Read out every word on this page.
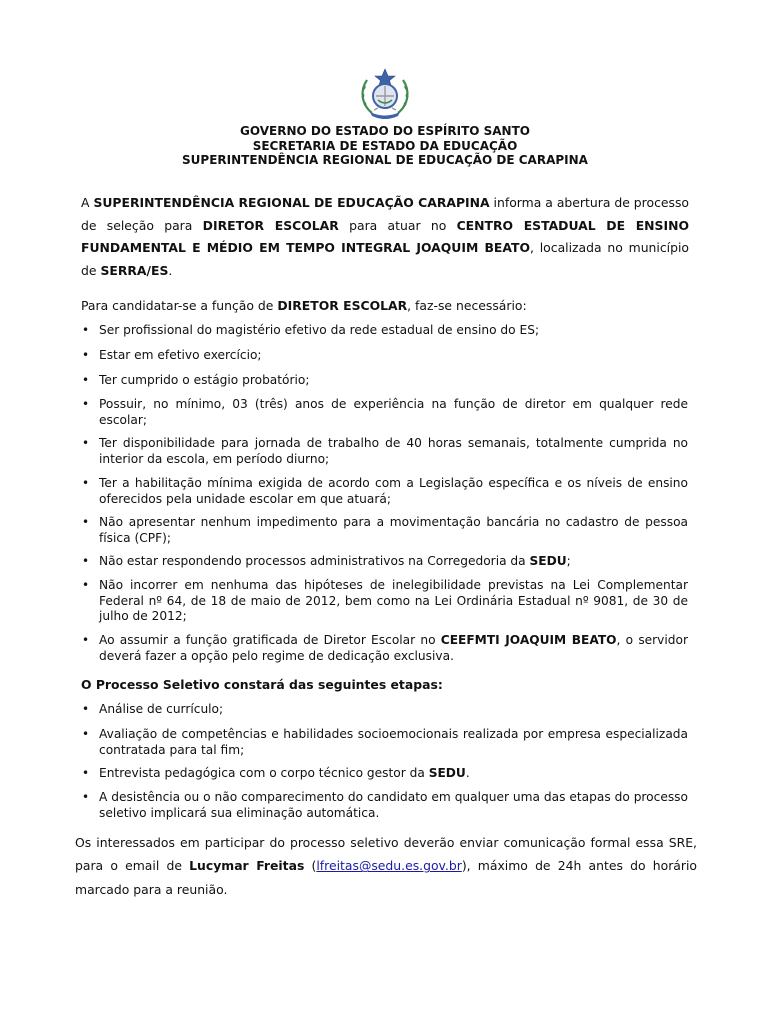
GOVERNO DO ESTADO DO ESPÍRITO SANTO
SECRETARIA DE ESTADO DA EDUCAÇÃO
SUPERINTENDÊNCIA REGIONAL DE EDUCAÇÃO DE CARAPINA
A SUPERINTENDÊNCIA REGIONAL DE EDUCAÇÃO CARAPINA informa a abertura de processo de seleção para DIRETOR ESCOLAR para atuar no CENTRO ESTADUAL DE ENSINO FUNDAMENTAL E MÉDIO EM TEMPO INTEGRAL JOAQUIM BEATO, localizada no município de SERRA/ES.
Para candidatar-se a função de DIRETOR ESCOLAR, faz-se necessário:
• Ser profissional do magistério efetivo da rede estadual de ensino do ES;
• Estar em efetivo exercício;
• Ter cumprido o estágio probatório;
• Possuir, no mínimo, 03 (três) anos de experiência na função de diretor em qualquer rede escolar;
• Ter disponibilidade para jornada de trabalho de 40 horas semanais, totalmente cumprida no interior da escola, em período diurno;
• Ter a habilitação mínima exigida de acordo com a Legislação específica e os níveis de ensino oferecidos pela unidade escolar em que atuará;
• Não apresentar nenhum impedimento para a movimentação bancária no cadastro de pessoa física (CPF);
• Não estar respondendo processos administrativos na Corregedoria da SEDU;
• Não incorrer em nenhuma das hipóteses de inelegibilidade previstas na Lei Complementar Federal nº 64, de 18 de maio de 2012, bem como na Lei Ordinária Estadual nº 9081, de 30 de julho de 2012;
• Ao assumir a função gratificada de Diretor Escolar no CEEFMTI JOAQUIM BEATO, o servidor deverá fazer a opção pelo regime de dedicação exclusiva.
O Processo Seletivo constará das seguintes etapas:
• Análise de currículo;
• Avaliação de competências e habilidades socioemocionais realizada por empresa especializada contratada para tal fim;
• Entrevista pedagógica com o corpo técnico gestor da SEDU.
• A desistência ou o não comparecimento do candidato em qualquer uma das etapas do processo seletivo implicará sua eliminação automática.
Os interessados em participar do processo seletivo deverão enviar comunicação formal essa SRE, para o email de Lucymar Freitas (lfreitas@sedu.es.gov.br), máximo de 24h antes do horário marcado para a reunião.
